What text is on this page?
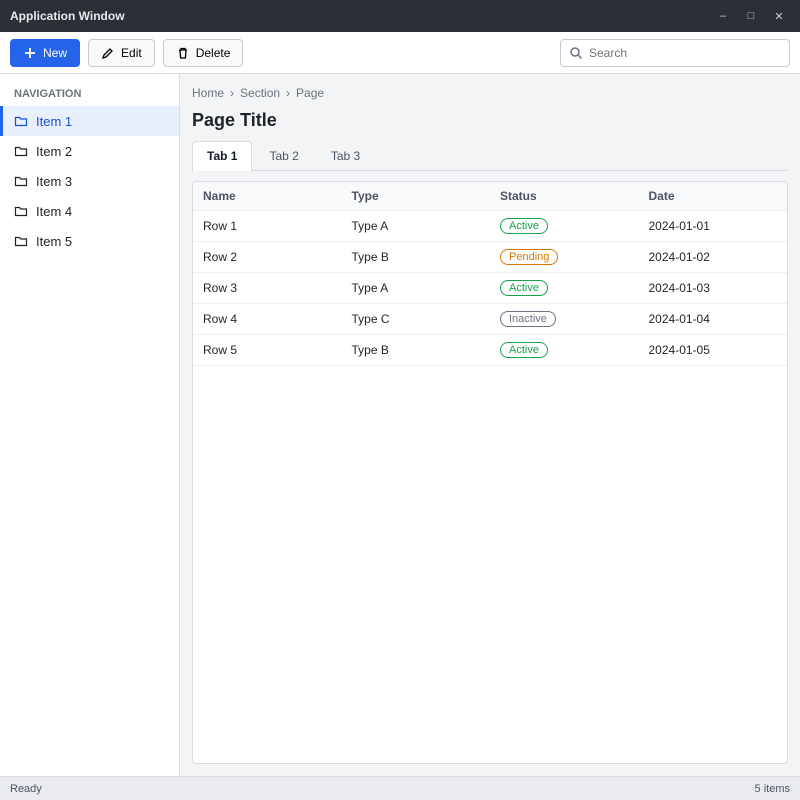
Application Window	–	□	✕
New	Edit	Delete
Search
NAVIGATION
Item 1
Item 2
Item 3
Item 4
Item 5
Home › Section › Page
Page Title
Tab 1	Tab 2	Tab 3
Name	Type	Status	Date
Row 1	Type A	Active	2024-01-01
Row 2	Type B	Pending	2024-01-02
Row 3	Type A	Active	2024-01-03
Row 4	Type C	Inactive	2024-01-04
Row 5	Type B	Active	2024-01-05
Ready	5 items
